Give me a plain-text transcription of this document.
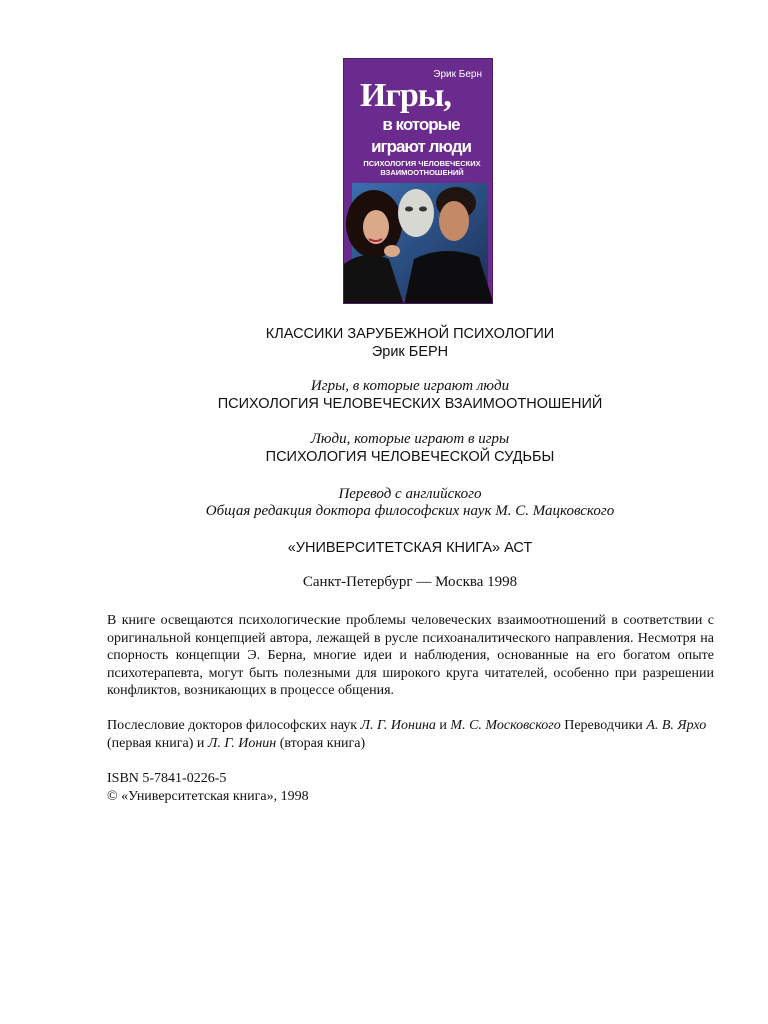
Эрик Берн
Игры,
в которые
играют люди
ПСИХОЛОГИЯ ЧЕЛОВЕЧЕСКИХ
ВЗАИМООТНОШЕНИЙ
КЛАССИКИ ЗАРУБЕЖНОЙ ПСИХОЛОГИИ
Эрик БЕРН
Игры, в которые играют люди
ПСИХОЛОГИЯ ЧЕЛОВЕЧЕСКИХ ВЗАИМООТНОШЕНИЙ
Люди, которые играют в игры
ПСИХОЛОГИЯ ЧЕЛОВЕЧЕСКОЙ СУДЬБЫ
Перевод с английского
Общая редакция доктора философских наук М. С. Мацковского
«УНИВЕРСИТЕТСКАЯ КНИГА» АСТ
Санкт-Петербург — Москва 1998
В книге освещаются психологические проблемы человеческих взаимоотношений в соответствии с оригинальной концепцией автора, лежащей в русле психоаналитического направления. Несмотря на спорность концепции Э. Берна, многие идеи и наблюдения, основанные на его богатом опыте психотерапевта, могут быть полезными для широкого круга читателей, особенно при разрешении конфликтов, возникающих в процессе общения.
Послесловие докторов философских наук Л. Г. Ионина и М. С. Московского Переводчики А. В. Ярхо (первая книга) и Л. Г. Ионин (вторая книга)
ISBN 5-7841-0226-5
© «Университетская книга», 1998
